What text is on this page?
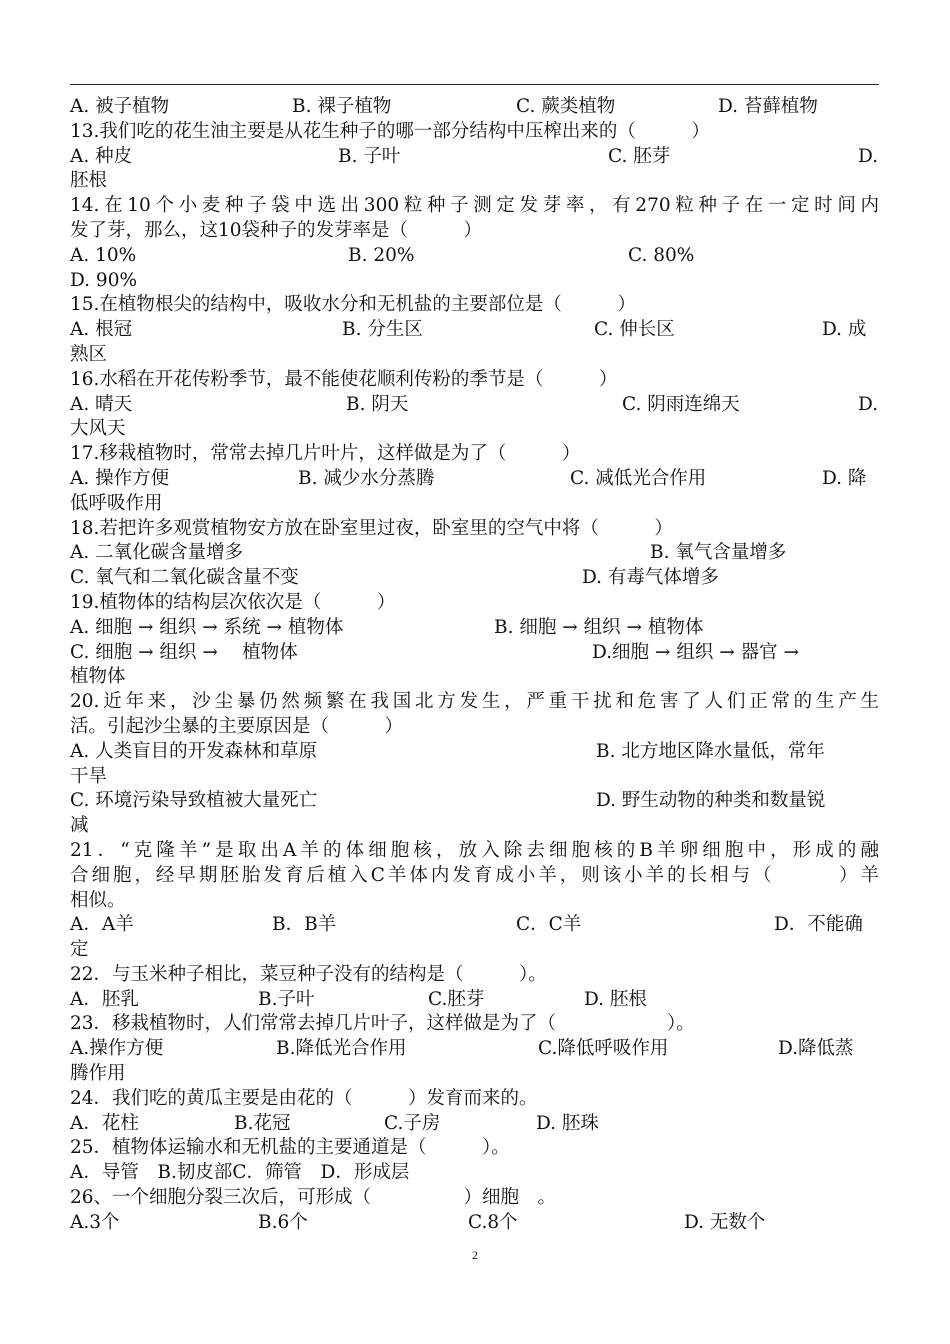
A. 被子植物	B. 裸子植物	C. 蕨类植物	D. 苔藓植物
13.我们吃的花生油主要是从花生种子的哪一部分结构中压榨出来的（　　　）
A. 种皮	B. 子叶	C. 胚芽	D.
胚根
14.在10个小麦种子袋中选出300粒种子测定发芽率，有270粒种子在一定时间内
发了芽，那么，这10袋种子的发芽率是（　　　）
A. 10%	B. 20%	C. 80%
D. 90%
15.在植物根尖的结构中，吸收水分和无机盐的主要部位是（　　　）
A. 根冠	B. 分生区	C. 伸长区	D. 成
熟区
16.水稻在开花传粉季节，最不能使花顺利传粉的季节是（　　　）
A. 晴天	B. 阴天	C. 阴雨连绵天	D.
大风天
17.移栽植物时，常常去掉几片叶片，这样做是为了（　　　）
A. 操作方便	B. 减少水分蒸腾	C. 减低光合作用	D. 降
低呼吸作用
18.若把许多观赏植物安方放在卧室里过夜，卧室里的空气中将（　　　）
A. 二氧化碳含量增多	B. 氧气含量增多
C. 氧气和二氧化碳含量不变	D. 有毒气体增多
19.植物体的结构层次依次是（　　　）
A. 细胞 → 组织 → 系统 → 植物体	B. 细胞 → 组织 → 植物体
C. 细胞 → 组织 → 　植物体	D.细胞 → 组织 → 器官 →
植物体
20.近年来，沙尘暴仍然频繁在我国北方发生，严重干扰和危害了人们正常的生产生
活。引起沙尘暴的主要原因是（　　　）
A. 人类盲目的开发森林和草原	B. 北方地区降水量低，常年
干旱
C. 环境污染导致植被大量死亡	D. 野生动物的种类和数量锐
减
21．“克隆羊”是取出A羊的体细胞核，放入除去细胞核的B羊卵细胞中，形成的融
合细胞，经早期胚胎发育后植入C羊体内发育成小羊，则该小羊的长相与（　　　）羊
相似。
A．A羊	B．B羊	C．C羊	D．不能确
定
22．与玉米种子相比，菜豆种子没有的结构是（　　　）。
A．胚乳	B.子叶	C.胚芽	D. 胚根
23．移栽植物时，人们常常去掉几片叶子，这样做是为了（　　　　　　）。
A.操作方便	B.降低光合作用	C.降低呼吸作用	D.降低蒸
腾作用
24．我们吃的黄瓜主要是由花的（　　　）发育而来的。
A．花柱	B.花冠	C.子房	D. 胚珠
25．植物体运输水和无机盐的主要通道是（　　　）。
A．导管　B.韧皮部C．筛管　D．形成层
26、一个细胞分裂三次后，可形成（　　　　　）细胞　。
A.3个	B.6个	C.8个	D. 无数个
2
